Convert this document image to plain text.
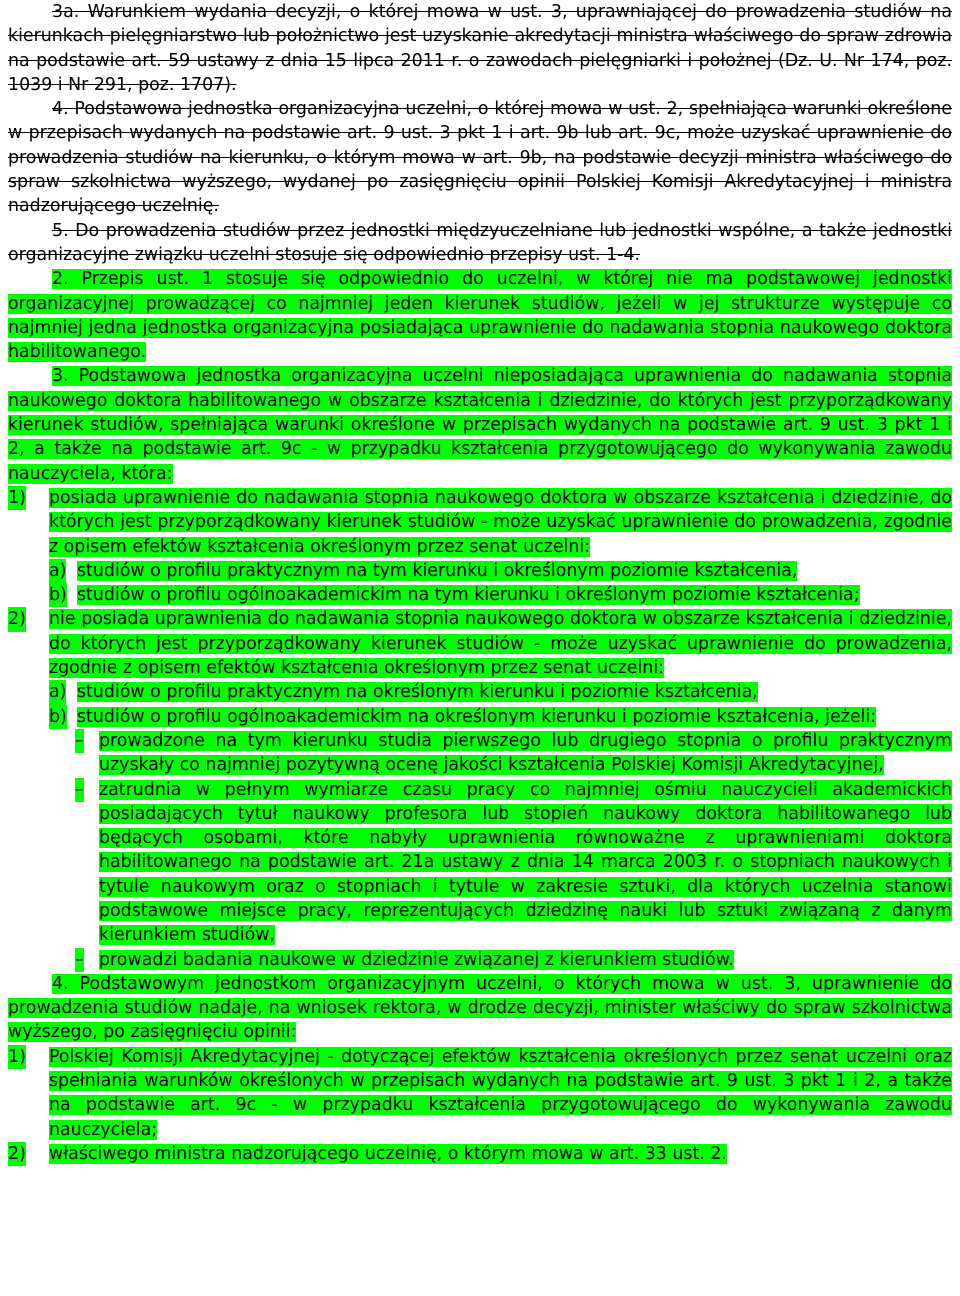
3a. Warunkiem wydania decyzji, o której mowa w ust. 3, uprawniającej do prowadzenia studiów na kierunkach pielęgniarstwo lub położnictwo jest uzyskanie akredytacji ministra właściwego do spraw zdrowia na podstawie art. 59 ustawy z dnia 15 lipca 2011 r. o zawodach pielęgniarki i położnej (Dz. U. Nr 174, poz. 1039 i Nr 291, poz. 1707).

4. Podstawowa jednostka organizacyjna uczelni, o której mowa w ust. 2, spełniająca warunki określone w przepisach wydanych na podstawie art. 9 ust. 3 pkt 1 i art. 9b lub art. 9c, może uzyskać uprawnienie do prowadzenia studiów na kierunku, o którym mowa w art. 9b, na podstawie decyzji ministra właściwego do spraw szkolnictwa wyższego, wydanej po zasięgnięciu opinii Polskiej Komisji Akredytacyjnej i ministra nadzorującego uczelnię.

5. Do prowadzenia studiów przez jednostki międzyuczelniane lub jednostki wspólne, a także jednostki organizacyjne związku uczelni stosuje się odpowiednio przepisy ust. 1-4.

2. Przepis ust. 1 stosuje się odpowiednio do uczelni, w której nie ma podstawowej jednostki organizacyjnej prowadzącej co najmniej jeden kierunek studiów, jeżeli w jej strukturze występuje co najmniej jedna jednostka organizacyjna posiadająca uprawnienie do nadawania stopnia naukowego doktora habilitowanego.

3. Podstawowa jednostka organizacyjna uczelni nieposiadająca uprawnienia do nadawania stopnia naukowego doktora habilitowanego w obszarze kształcenia i dziedzinie, do których jest przyporządkowany kierunek studiów, spełniająca warunki określone w przepisach wydanych na podstawie art. 9 ust. 3 pkt 1 i 2, a także na podstawie art. 9c - w przypadku kształcenia przygotowującego do wykonywania zawodu nauczyciela, która:

1) posiada uprawnienie do nadawania stopnia naukowego doktora w obszarze kształcenia i dziedzinie, do których jest przyporządkowany kierunek studiów - może uzyskać uprawnienie do prowadzenia, zgodnie z opisem efektów kształcenia określonym przez senat uczelni:
a) studiów o profilu praktycznym na tym kierunku i określonym poziomie kształcenia,
b) studiów o profilu ogólnoakademickim na tym kierunku i określonym poziomie kształcenia;
2) nie posiada uprawnienia do nadawania stopnia naukowego doktora w obszarze kształcenia i dziedzinie, do których jest przyporządkowany kierunek studiów - może uzyskać uprawnienie do prowadzenia, zgodnie z opisem efektów kształcenia określonym przez senat uczelni:
a) studiów o profilu praktycznym na określonym kierunku i poziomie kształcenia,
b) studiów o profilu ogólnoakademickim na określonym kierunku i poziomie kształcenia, jeżeli:
– prowadzone na tym kierunku studia pierwszego lub drugiego stopnia o profilu praktycznym uzyskały co najmniej pozytywną ocenę jakości kształcenia Polskiej Komisji Akredytacyjnej,
– zatrudnia w pełnym wymiarze czasu pracy co najmniej ośmiu nauczycieli akademickich posiadających tytuł naukowy profesora lub stopień naukowy doktora habilitowanego lub będących osobami, które nabyły uprawnienia równoważne z uprawnieniami doktora habilitowanego na podstawie art. 21a ustawy z dnia 14 marca 2003 r. o stopniach naukowych i tytule naukowym oraz o stopniach i tytule w zakresie sztuki, dla których uczelnia stanowi podstawowe miejsce pracy, reprezentujących dziedzinę nauki lub sztuki związaną z danym kierunkiem studiów,
– prowadzi badania naukowe w dziedzinie związanej z kierunkiem studiów.

4. Podstawowym jednostkom organizacyjnym uczelni, o których mowa w ust. 3, uprawnienie do prowadzenia studiów nadaje, na wniosek rektora, w drodze decyzji, minister właściwy do spraw szkolnictwa wyższego, po zasięgnięciu opinii:

1) Polskiej Komisji Akredytacyjnej - dotyczącej efektów kształcenia określonych przez senat uczelni oraz spełniania warunków określonych w przepisach wydanych na podstawie art. 9 ust. 3 pkt 1 i 2, a także na podstawie art. 9c - w przypadku kształcenia przygotowującego do wykonywania zawodu nauczyciela;
2) właściwego ministra nadzorującego uczelnię, o którym mowa w art. 33 ust. 2.
